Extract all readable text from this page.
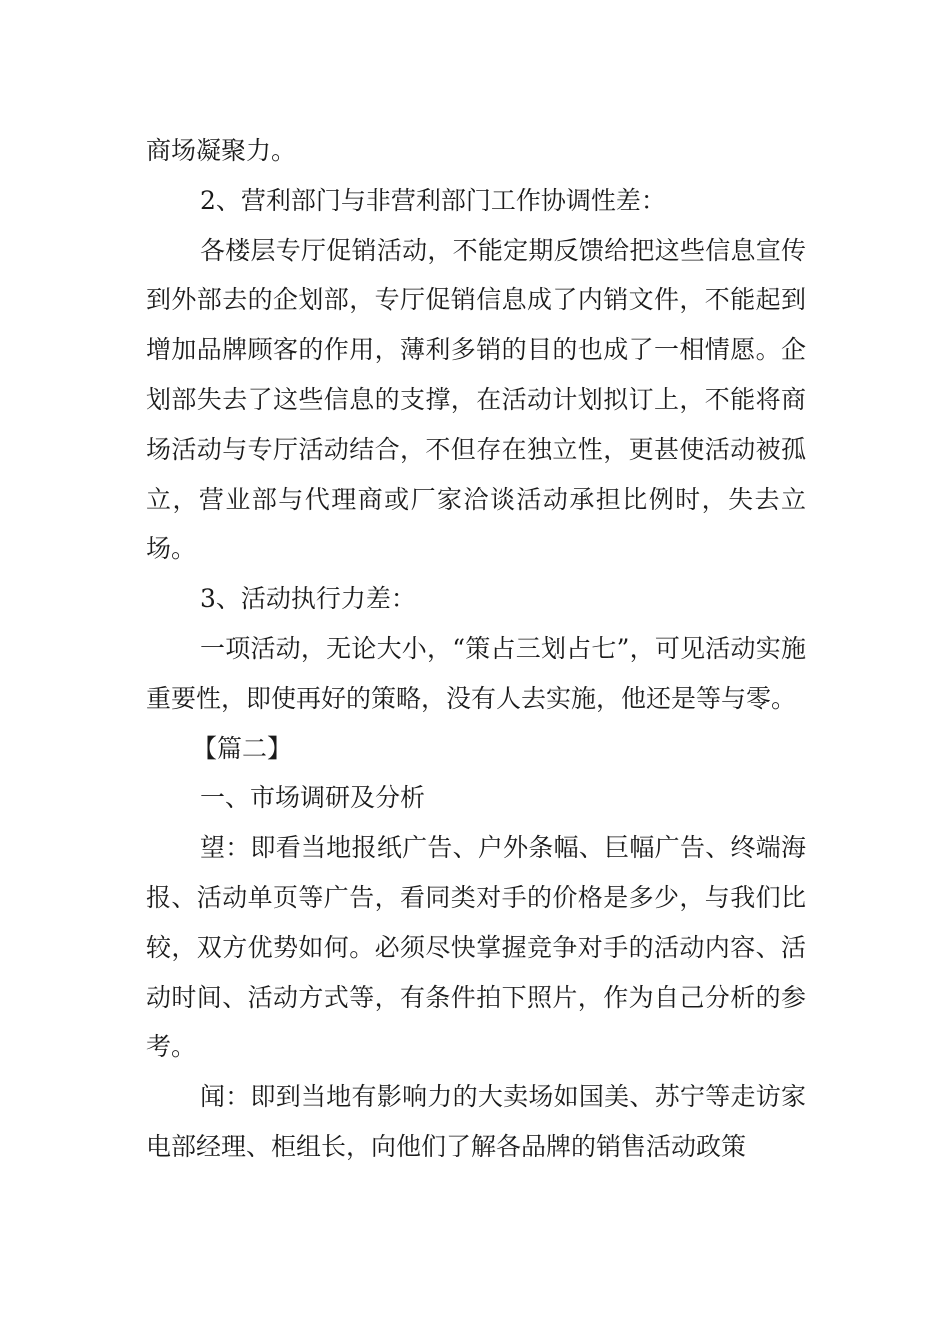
商场凝聚力。

2、营利部门与非营利部门工作协调性差：

各楼层专厅促销活动，不能定期反馈给把这些信息宣传到外部去的企划部，专厅促销信息成了内销文件，不能起到增加品牌顾客的作用，薄利多销的目的也成了一相情愿。企划部失去了这些信息的支撑，在活动计划拟订上，不能将商场活动与专厅活动结合，不但存在独立性，更甚使活动被孤立，营业部与代理商或厂家洽谈活动承担比例时，失去立场。

3、活动执行力差：

一项活动，无论大小，“策占三划占七”，可见活动实施重要性，即使再好的策略，没有人去实施，他还是等与零。

【篇二】

一、市场调研及分析

望：即看当地报纸广告、户外条幅、巨幅广告、终端海报、活动单页等广告，看同类对手的价格是多少，与我们比较，双方优势如何。必须尽快掌握竞争对手的活动内容、活动时间、活动方式等，有条件拍下照片，作为自己分析的参考。

闻：即到当地有影响力的大卖场如国美、苏宁等走访家电部经理、柜组长，向他们了解各品牌的销售活动政策
